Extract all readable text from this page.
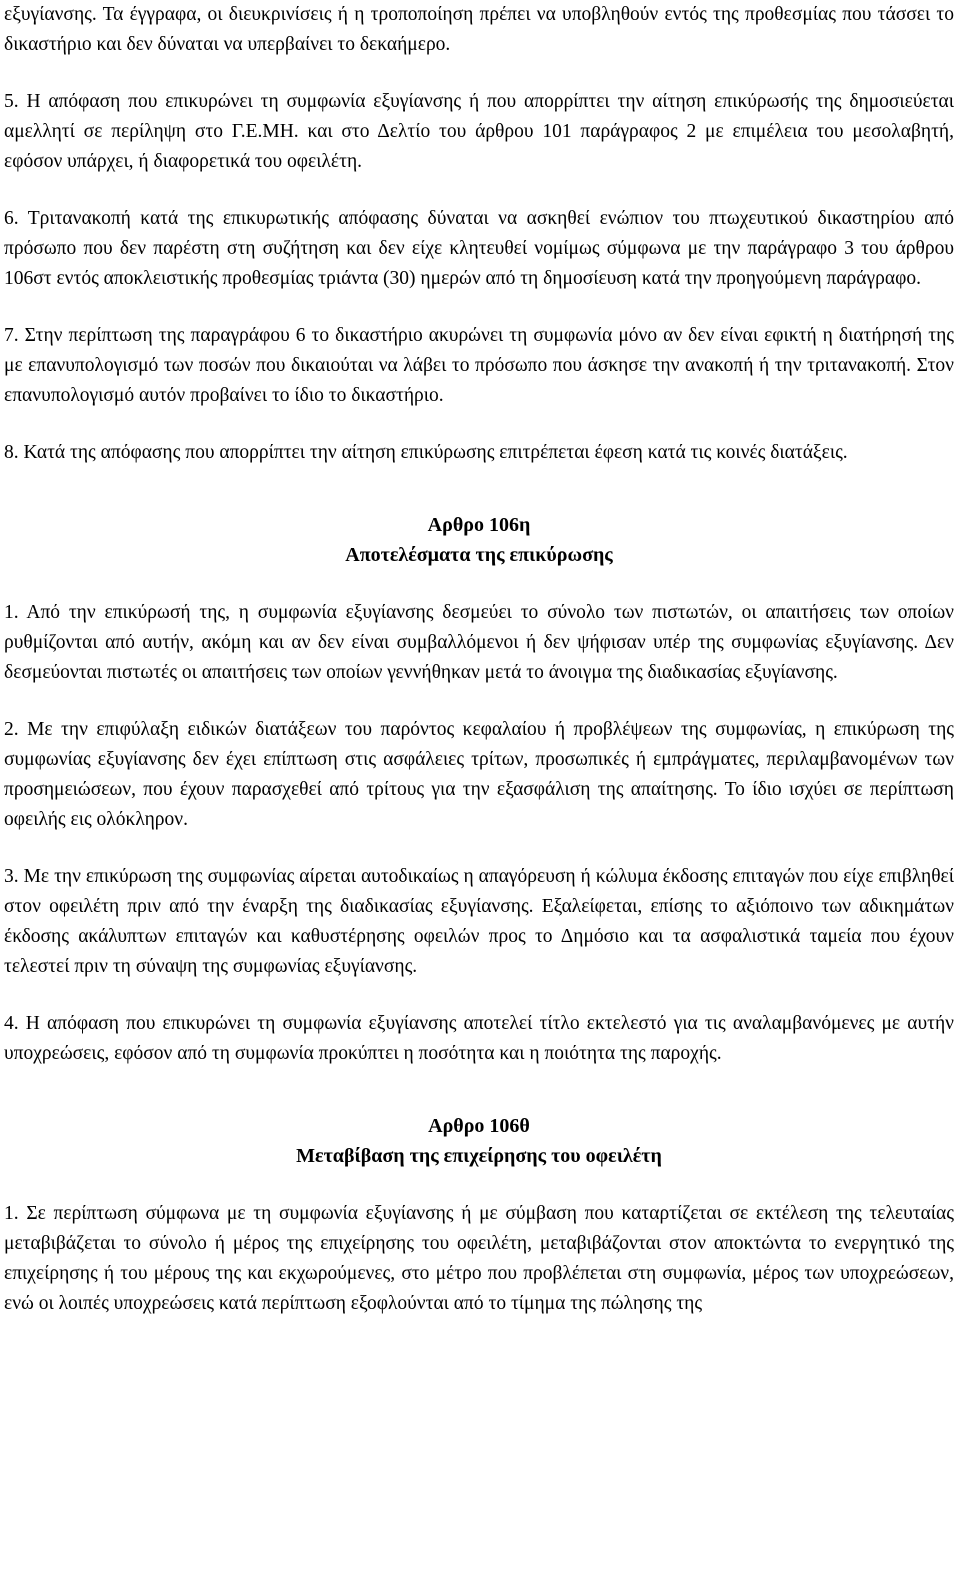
εξυγίανσης. Τα έγγραφα, οι διευκρινίσεις ή η τροποποίηση πρέπει να υποβληθούν εντός της προθεσμίας που τάσσει το δικαστήριο και δεν δύναται να υπερβαίνει το δεκαήμερο.

5. Η απόφαση που επικυρώνει τη συμφωνία εξυγίανσης ή που απορρίπτει την αίτηση επικύρωσής της δημοσιεύεται αμελλητί σε περίληψη στο Γ.Ε.ΜΗ. και στο Δελτίο του άρθρου 101 παράγραφος 2 με επιμέλεια του μεσολαβητή, εφόσον υπάρχει, ή διαφορετικά του οφειλέτη.

6. Τριτανακοπή κατά της επικυρωτικής απόφασης δύναται να ασκηθεί ενώπιον του πτωχευτικού δικαστηρίου από πρόσωπο που δεν παρέστη στη συζήτηση και δεν είχε κλητευθεί νομίμως σύμφωνα με την παράγραφο 3 του άρθρου 106στ εντός αποκλειστικής προθεσμίας τριάντα (30) ημερών από τη δημοσίευση κατά την προηγούμενη παράγραφο.

7. Στην περίπτωση της παραγράφου 6 το δικαστήριο ακυρώνει τη συμφωνία μόνο αν δεν είναι εφικτή η διατήρησή της με επανυπολογισμό των ποσών που δικαιούται να λάβει το πρόσωπο που άσκησε την ανακοπή ή την τριτανακοπή. Στον επανυπολογισμό αυτόν προβαίνει το ίδιο το δικαστήριο.

8. Κατά της απόφασης που απορρίπτει την αίτηση επικύρωσης επιτρέπεται έφεση κατά τις κοινές διατάξεις.

Αρθρο 106η

Αποτελέσματα της επικύρωσης

1. Από την επικύρωσή της, η συμφωνία εξυγίανσης δεσμεύει το σύνολο των πιστωτών, οι απαιτήσεις των οποίων ρυθμίζονται από αυτήν, ακόμη και αν δεν είναι συμβαλλόμενοι ή δεν ψήφισαν υπέρ της συμφωνίας εξυγίανσης. Δεν δεσμεύονται πιστωτές οι απαιτήσεις των οποίων γεννήθηκαν μετά το άνοιγμα της διαδικασίας εξυγίανσης.

2. Με την επιφύλαξη ειδικών διατάξεων του παρόντος κεφαλαίου ή προβλέψεων της συμφωνίας, η επικύρωση της συμφωνίας εξυγίανσης δεν έχει επίπτωση στις ασφάλειες τρίτων, προσωπικές ή εμπράγματες, περιλαμβανομένων των προσημειώσεων, που έχουν παρασχεθεί από τρίτους για την εξασφάλιση της απαίτησης. Το ίδιο ισχύει σε περίπτωση οφειλής εις ολόκληρον.

3. Με την επικύρωση της συμφωνίας αίρεται αυτοδικαίως η απαγόρευση ή κώλυμα έκδοσης επιταγών που είχε επιβληθεί στον οφειλέτη πριν από την έναρξη της διαδικασίας εξυγίανσης. Εξαλείφεται, επίσης το αξιόποινο των αδικημάτων έκδοσης ακάλυπτων επιταγών και καθυστέρησης οφειλών προς το Δημόσιο και τα ασφαλιστικά ταμεία που έχουν τελεστεί πριν τη σύναψη της συμφωνίας εξυγίανσης.

4. Η απόφαση που επικυρώνει τη συμφωνία εξυγίανσης αποτελεί τίτλο εκτελεστό για τις αναλαμβανόμενες με αυτήν υποχρεώσεις, εφόσον από τη συμφωνία προκύπτει η ποσότητα και η ποιότητα της παροχής.

Αρθρο 106θ

Μεταβίβαση της επιχείρησης του οφειλέτη

1. Σε περίπτωση σύμφωνα με τη συμφωνία εξυγίανσης ή με σύμβαση που καταρτίζεται σε εκτέλεση της τελευταίας μεταβιβάζεται το σύνολο ή μέρος της επιχείρησης του οφειλέτη, μεταβιβάζονται στον αποκτώντα το ενεργητικό της επιχείρησης ή του μέρους της και εκχωρούμενες, στο μέτρο που προβλέπεται στη συμφωνία, μέρος των υποχρεώσεων, ενώ οι λοιπές υποχρεώσεις κατά περίπτωση εξοφλούνται από το τίμημα της πώλησης της
